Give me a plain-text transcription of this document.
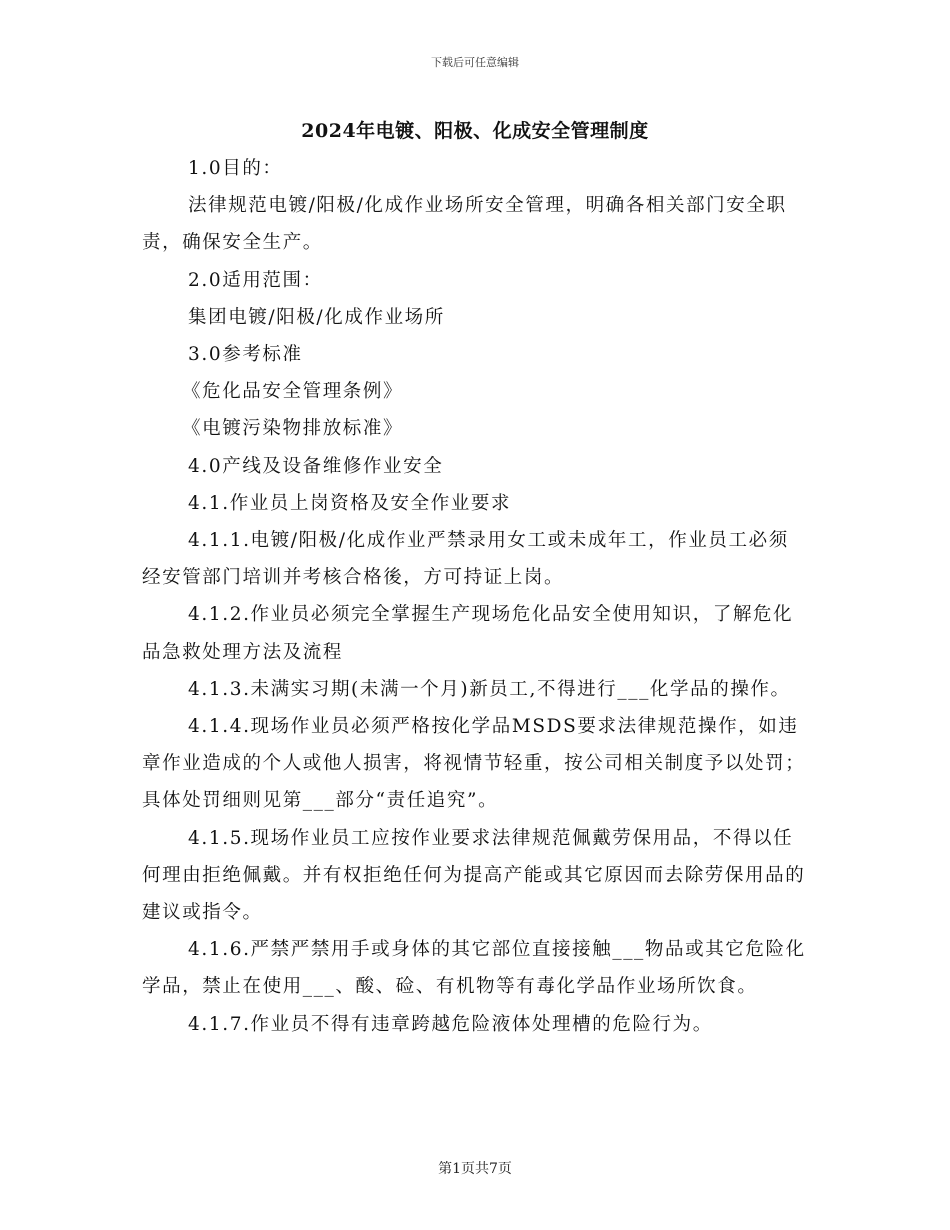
下载后可任意编辑
2024年电镀、阳极、化成安全管理制度

1.0目的：

法律规范电镀/阳极/化成作业场所安全管理，明确各相关部门安全职责，确保安全生产。

2.0适用范围：

集团电镀/阳极/化成作业场所

3.0参考标准

《危化品安全管理条例》

《电镀污染物排放标准》

4.0产线及设备维修作业安全

4.1.作业员上岗资格及安全作业要求

4.1.1.电镀/阳极/化成作业严禁录用女工或未成年工，作业员工必须经安管部门培训并考核合格後，方可持证上岗。

4.1.2.作业员必须完全掌握生产现场危化品安全使用知识，了解危化品急救处理方法及流程

4.1.3.未满实习期(未满一个月)新员工,不得进行___化学品的操作。

4.1.4.现场作业员必须严格按化学品MSDS要求法律规范操作，如违章作业造成的个人或他人损害，将视情节轻重，按公司相关制度予以处罚；具体处罚细则见第___部分“责任追究”。

4.1.5.现场作业员工应按作业要求法律规范佩戴劳保用品，不得以任何理由拒绝佩戴。并有权拒绝任何为提高产能或其它原因而去除劳保用品的建议或指令。

4.1.6.严禁严禁用手或身体的其它部位直接接触___物品或其它危险化学品，禁止在使用___、酸、硷、有机物等有毒化学品作业场所饮食。

4.1.7.作业员不得有违章跨越危险液体处理槽的危险行为。

第1页共7页
